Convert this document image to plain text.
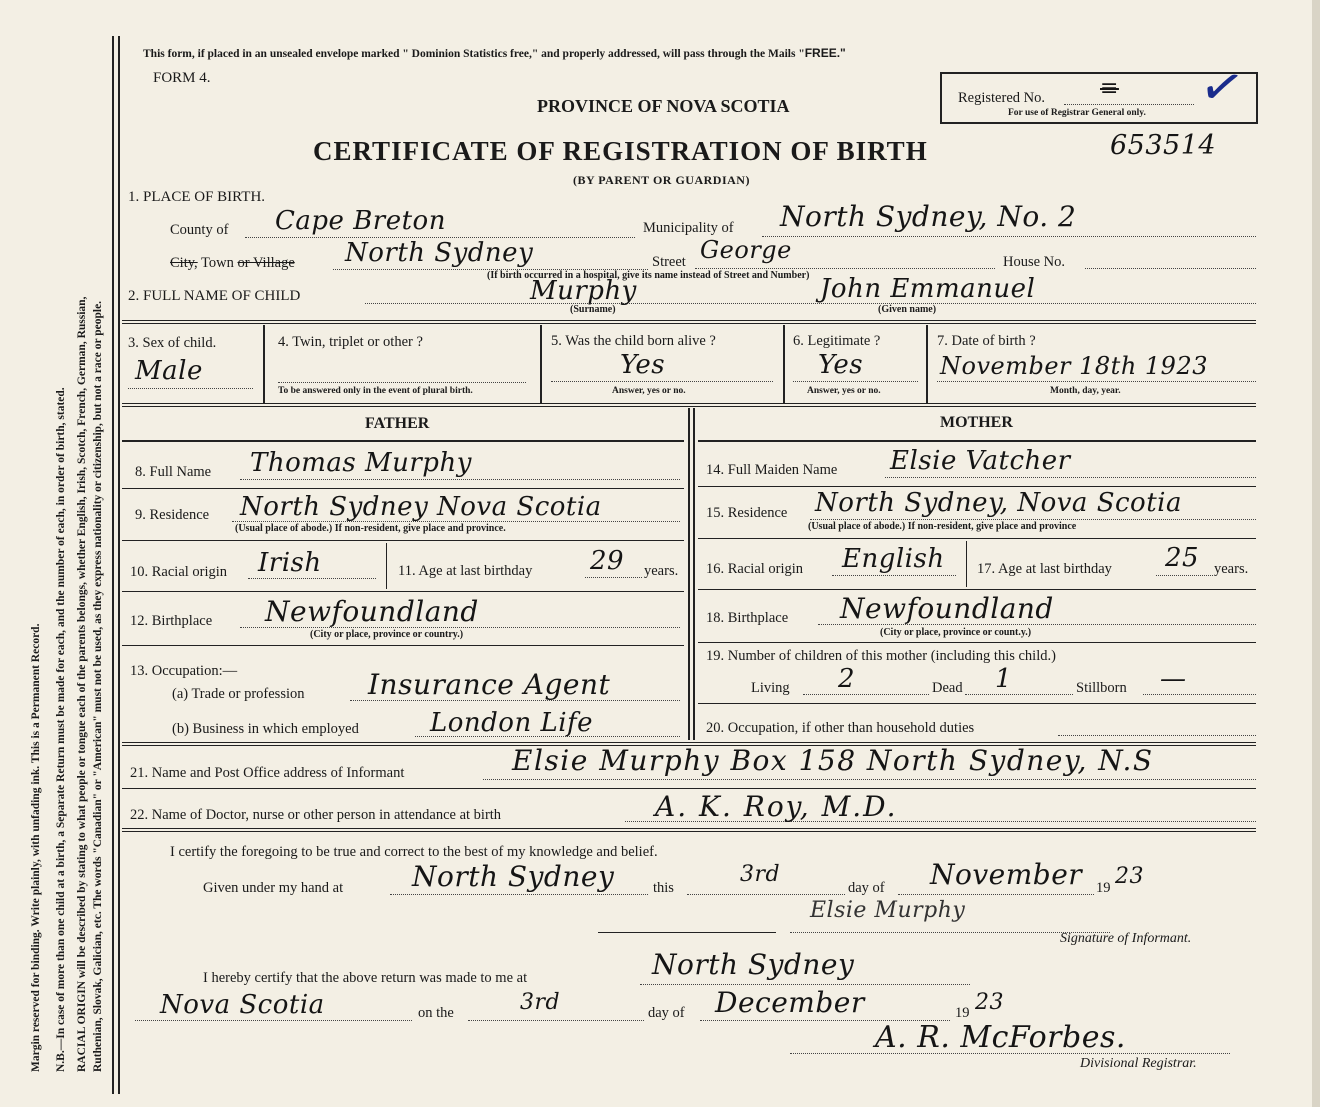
Margin reserved for binding. Write plainly, with unfading ink. This is a Permanent Record. N.B.—In case of more than one child at a birth, a Separate Return must be made for each, and the number of each, in order of birth, stated. RACIAL ORIGIN will be described by stating to what people or tongue each of the parents belongs, whether English, Irish, Scotch, French, German, Russian, Ruthenian, Slovak, Galician, etc. The words "Canadian" or "American" must not be used, as they express nationality or citizenship, but not a race or people.
This form, if placed in an unsealed envelope marked " Dominion Statistics free," and properly addressed, will pass through the Mails "FREE."
FORM 4.
PROVINCE OF NOVA SCOTIA
CERTIFICATE OF REGISTRATION OF BIRTH
(BY PARENT OR GUARDIAN)
Registered No.	≡
For use of Registrar General only. ✓
653514
1. PLACE OF BIRTH.
County of Cape Breton	Municipality of North Sydney, No. 2
City, Town or Village North Sydney	Street George	House No.
(If birth occurred in a hospital, give its name instead of Street and Number)
2. FULL NAME OF CHILD	Murphy
(Surname)
John Emmanuel
(Given name)
3. Sex of child.
Male
4. Twin, triplet or other ?
To be answered only in the event of plural birth.
5. Was the child born alive ?
Yes
Answer, yes or no.
6. Legitimate ?
Yes
Answer, yes or no.
7. Date of birth ?
November 18th 1923
Month, day, year.
FATHER	MOTHER
8. Full Name Thomas Murphy
9. Residence North Sydney Nova Scotia
(Usual place of abode.) If non-resident, give place and province.
10. Racial origin Irish	11. Age at last birthday 29 years.
12. Birthplace Newfoundland
(City or place, province or country.)
13. Occupation:—
(a) Trade or profession Insurance Agent
(b) Business in which employed	London Life
14. Full Maiden Name Elsie Vatcher
15. Residence North Sydney, Nova Scotia
(Usual place of abode.) If non-resident, give place and province
16. Racial origin English 17. Age at last birthday 25 years.
18. Birthplace Newfoundland
(City or place, province or count.y.)
19. Number of children of this mother (including this child.)
Living 2	Dead 1	Stillborn —
20. Occupation, if other than household duties
21. Name and Post Office address of Informant	Elsie Murphy Box 158 North Sydney, N.S
22. Name of Doctor, nurse or other person in attendance at birth	A. K. Roy, M.D.
I certify the foregoing to be true and correct to the best of my knowledge and belief.
Given under my hand at North Sydney	this
3rd
day of November 19 23
Elsie Murphy
Signature of Informant.
I hereby certify that the above return was made to me at	North Sydney
Nova Scotia	on the	3rd	day of December	19 23
A. R. McForbes.
Divisional Registrar.
